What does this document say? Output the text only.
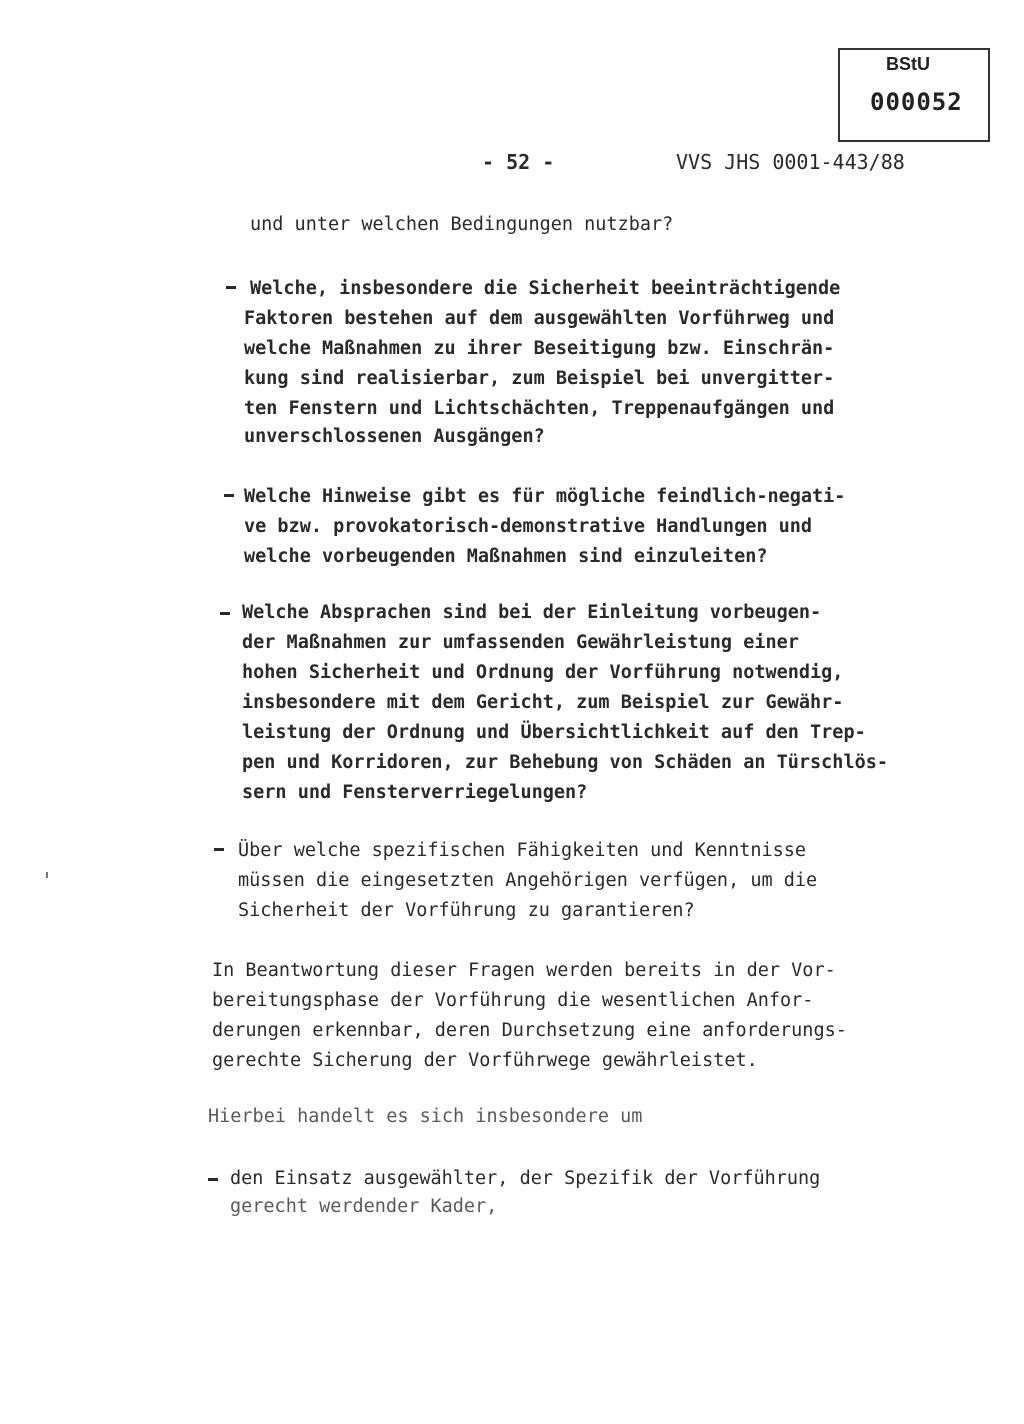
BStU
000052
- 52 -	VVS JHS 0001-443/88
und unter welchen Bedingungen nutzbar?
Welche, insbesondere die Sicherheit beeinträchtigende
Faktoren bestehen auf dem ausgewählten Vorführweg und
welche Maßnahmen zu ihrer Beseitigung bzw. Einschrän-
kung sind realisierbar, zum Beispiel bei unvergitter-
ten Fenstern und Lichtschächten, Treppenaufgängen und
unverschlossenen Ausgängen?
Welche Hinweise gibt es für mögliche feindlich-negati-
ve bzw. provokatorisch-demonstrative Handlungen und
welche vorbeugenden Maßnahmen sind einzuleiten?
Welche Absprachen sind bei der Einleitung vorbeugen-
der Maßnahmen zur umfassenden Gewährleistung einer
hohen Sicherheit und Ordnung der Vorführung notwendig,
insbesondere mit dem Gericht, zum Beispiel zur Gewähr-
leistung der Ordnung und Übersichtlichkeit auf den Trep-
pen und Korridoren, zur Behebung von Schäden an Türschlös-
sern und Fensterverriegelungen?
Über welche spezifischen Fähigkeiten und Kenntnisse
müssen die eingesetzten Angehörigen verfügen, um die
Sicherheit der Vorführung zu garantieren?
In Beantwortung dieser Fragen werden bereits in der Vor-
bereitungsphase der Vorführung die wesentlichen Anfor-
derungen erkennbar, deren Durchsetzung eine anforderungs-
gerechte Sicherung der Vorführwege gewährleistet.
Hierbei handelt es sich insbesondere um
den Einsatz ausgewählter, der Spezifik der Vorführung
gerecht werdender Kader,
